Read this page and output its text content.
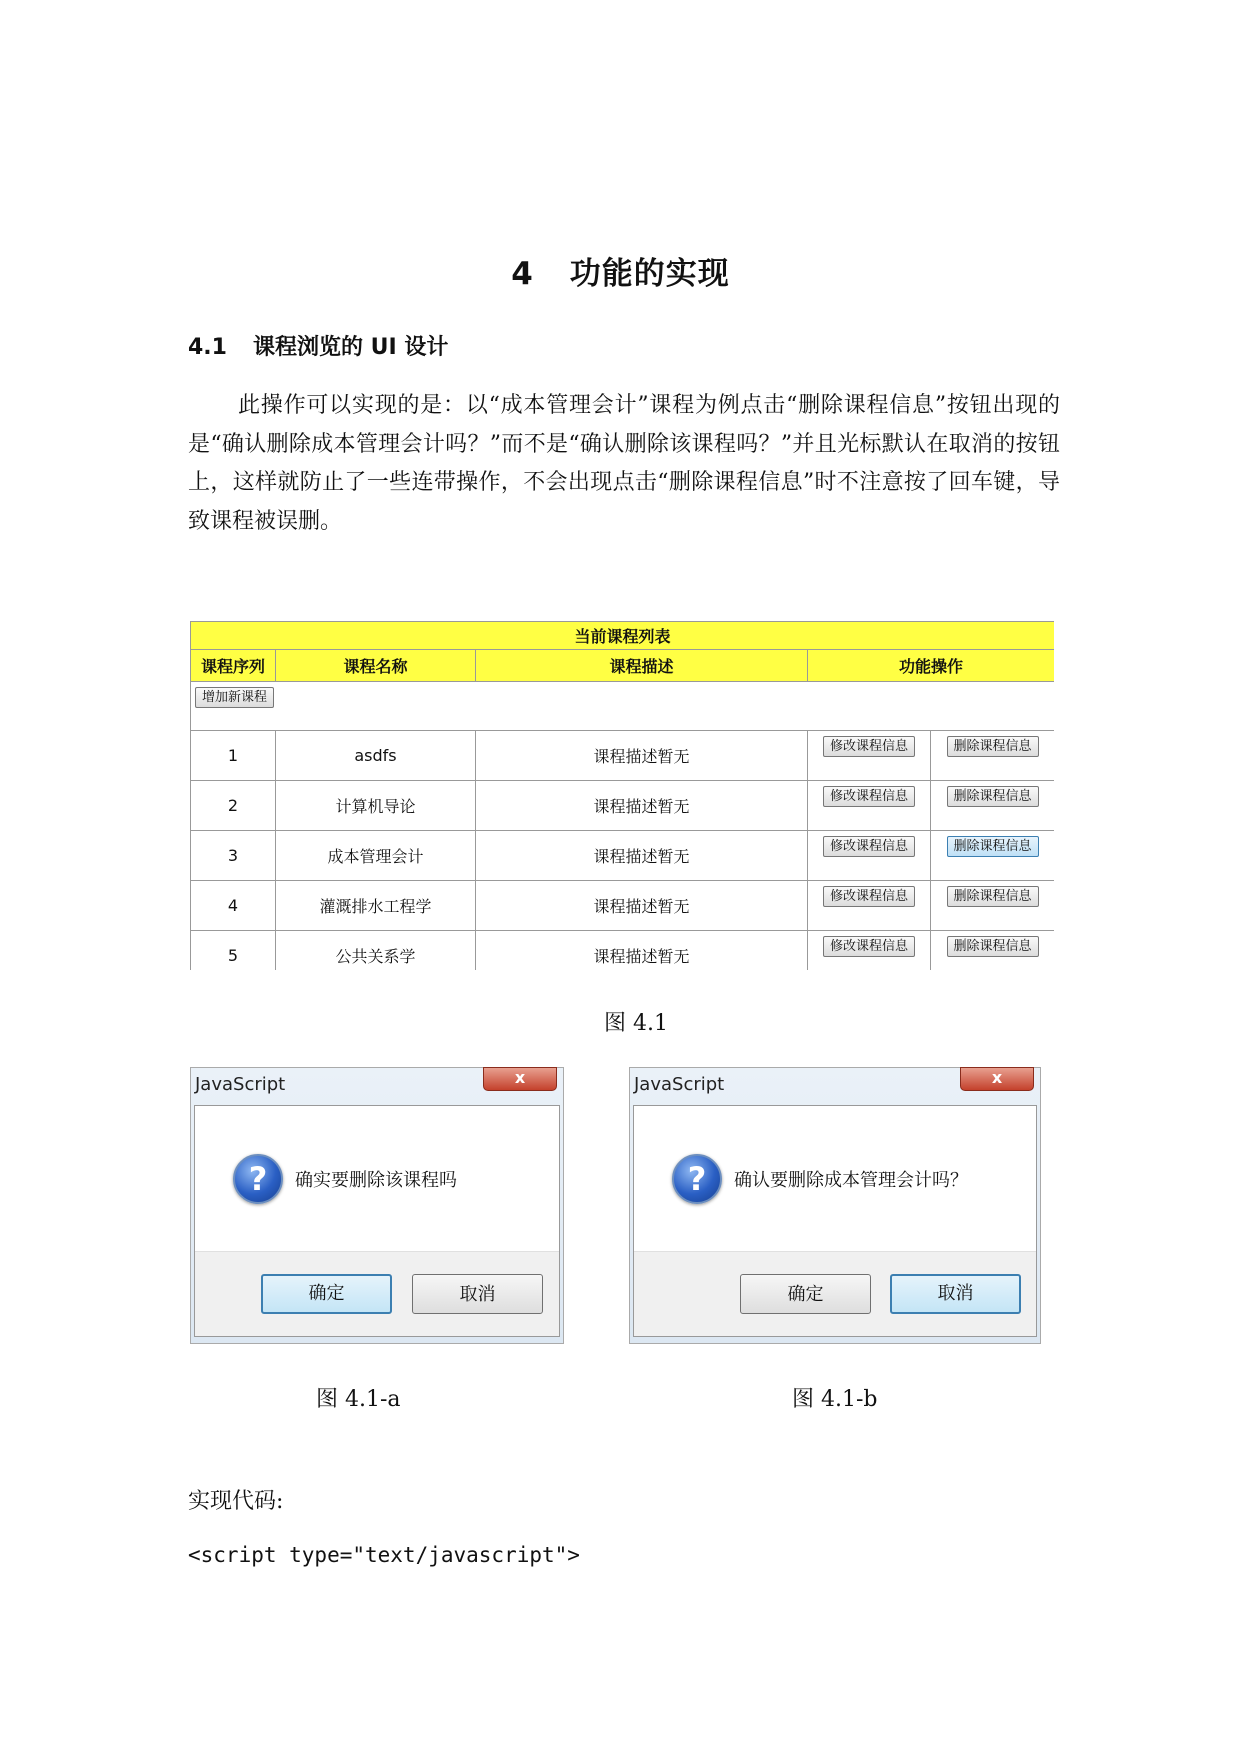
4 功能的实现
4.1 课程浏览的 UI 设计
此操作可以实现的是：以“成本管理会计”课程为例点击“删除课程信息”按钮出现的是“确认删除成本管理会计吗？”而不是“确认删除该课程吗？”并且光标默认在取消的按钮上，这样就防止了一些连带操作，不会出现点击“删除课程信息”时不注意按了回车键，导致课程被误删。
当前课程列表				
课程序列	课程名称	课程描述	功能操作	
增加新课程				
1	asdfs	课程描述暂无	修改课程信息	删除课程信息
2	计算机导论	课程描述暂无	修改课程信息	删除课程信息
3	成本管理会计	课程描述暂无	修改课程信息	删除课程信息
4	灌溉排水工程学	课程描述暂无	修改课程信息	删除课程信息
5	公共关系学	课程描述暂无	修改课程信息	删除课程信息

图 4.1
JavaScript	x
?	确实要删除该课程吗
确定	取消
JavaScript	x
?	确认要删除成本管理会计吗？
确定	取消
图 4.1-a	图 4.1-b
实现代码:
<script type="text/javascript">
